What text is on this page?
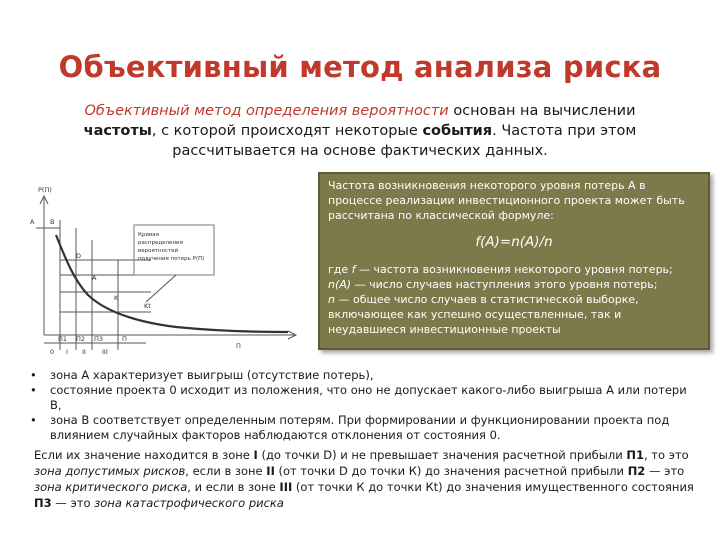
Объективный метод анализа риска
Объективный метод определения вероятности основан на вычислении
частоты, с которой происходят некоторые события. Частота при этом
рассчитывается на основе фактических данных.
P(Π)
A B
D
A
K
Kt
Кривая
распределения
вероятностей
получения потерь P(Π)
Π
П1 П2 П3	П
0 I II III

Частота возникновения некоторого уровня потерь А в процессе реализации инвестиционного проекта может быть рассчитана по классической формуле:

f(A)=n(A)/n

где f — частота возникновения некоторого уровня потерь;
n(A) — число случаев наступления этого уровня потерь;
n — общее число случаев в статистической выборке, включающее как успешно осуществленные, так и неудавшиеся инвестиционные проекты

• зона А характеризует выигрыш (отсутствие потерь),
• состояние проекта 0 исходит из положения, что оно не допускает какого-либо выигрыша А или потери В,
• зона В соответствует определенным потерям. При формировании и функционировании проекта под
влиянием случайных факторов наблюдаются отклонения от состояния 0.
Если их значение находится в зоне I (до точки D) и не превышает значения расчетной прибыли П1, то это зона допустимых рисков, если в зоне II (от точки D до точки К) до значения расчетной прибыли П2 — это зона критического риска, и если в зоне III (от точки К до точки Кt) до значения имущественного состояния П3 — это зона катастрофического риска
